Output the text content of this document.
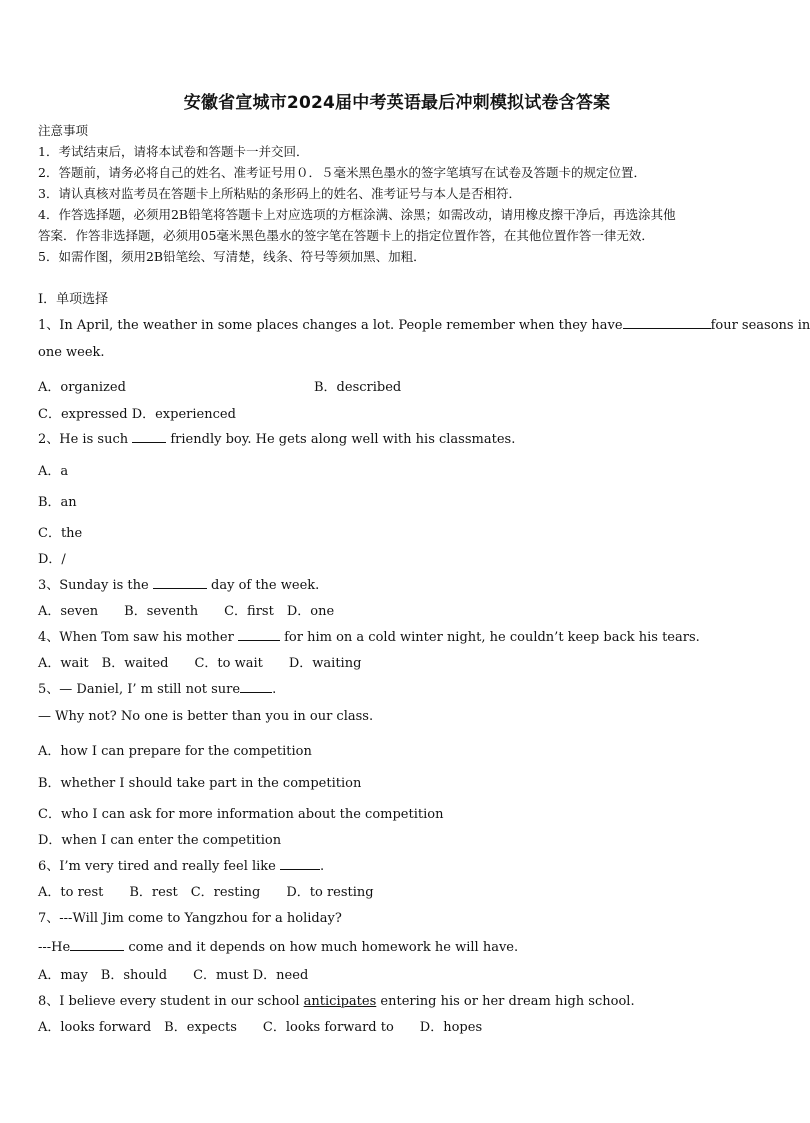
安徽省宣城市2024届中考英语最后冲刺模拟试卷含答案
注意事项
1．考试结束后，请将本试卷和答题卡一并交回．
2．答题前，请务必将自己的姓名、准考证号用０．５毫米黑色墨水的签字笔填写在试卷及答题卡的规定位置．
3．请认真核对监考员在答题卡上所粘贴的条形码上的姓名、准考证号与本人是否相符．
4．作答选择题，必须用2B铅笔将答题卡上对应选项的方框涂满、涂黑；如需改动，请用橡皮擦干净后，再选涂其他
答案．作答非选择题，必须用05毫米黑色墨水的签字笔在答题卡上的指定位置作答，在其他位置作答一律无效．
5．如需作图，须用2B铅笔绘、写清楚，线条、符号等须加黑、加粗．
Ⅰ．单项选择
1、In April, the weather in some places changes a lot. People remember when they have	four seasons in
one week.
A．organized	B．described
C．expressed D．experienced
2、He is such	friendly boy. He gets along well with his classmates.
A．a
B．an
C．the
D．/
3、Sunday is the	day of the week.
A．seven　　B．seventh　　C．first　D．one
4、When Tom saw his mother	for him on a cold winter night, he couldn’t keep back his tears.
A．wait　B．waited　　C．to wait　　D．waiting
5、— Daniel, I’ m still not sure .
— Why not? No one is better than you in our class.
A．how I can prepare for the competition
B．whether I should take part in the competition
C．who I can ask for more information about the competition
D．when I can enter the competition
6、I’m very tired and really feel like	.
A．to rest　　B．rest　C．resting　　D．to resting
7、---Will Jim come to Yangzhou for a holiday?
---He	come and it depends on how much homework he will have.
A．may　B．should　　C．must D．need
8、I believe every student in our school anticipates entering his or her dream high school.
A．looks forward　B．expects　　C．looks forward to　　D．hopes
